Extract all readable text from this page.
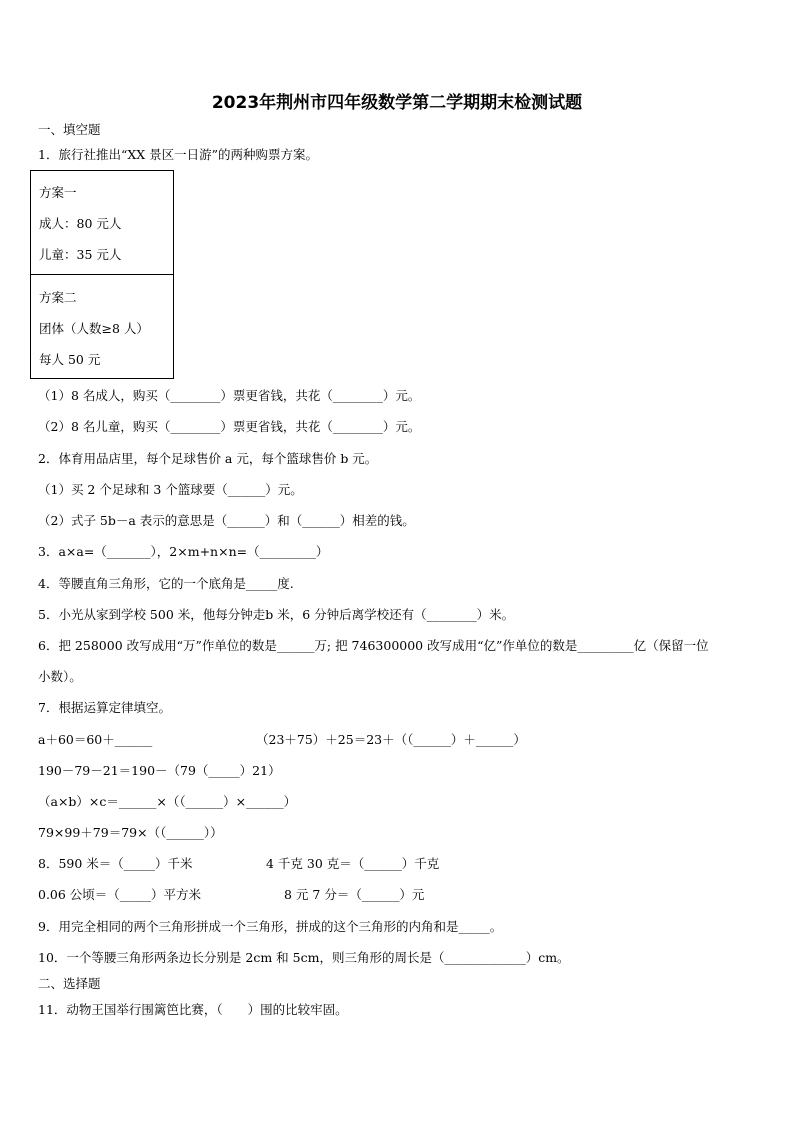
2023年荆州市四年级数学第二学期期末检测试题
一、填空题
1．旅行社推出“XX 景区一日游”的两种购票方案。
方案一
成人：80 元人
儿童：35 元人
方案二
团体（人数≥8 人）
每人 50 元
（1）8 名成人，购买（________）票更省钱，共花（________）元。
（2）8 名儿童，购买（________）票更省钱，共花（________）元。
2．体育用品店里，每个足球售价 a 元，每个篮球售价 b 元。
（1）买 2 个足球和 3 个篮球要（______）元。
（2）式子 5b－a 表示的意思是（______）和（______）相差的钱。
3．a×a=（_______），2×m+n×n=（_________）
4．等腰直角三角形，它的一个底角是_____度.
5．小光从家到学校 500 米，他每分钟走b 米，6 分钟后离学校还有（________）米。
6．把 258000 改写成用“万”作单位的数是______万; 把 746300000 改写成用“亿”作单位的数是_________亿（保留一位
小数）。
7．根据运算定律填空。
a＋60＝60＋______	（23＋75）＋25＝23＋（（______）＋______）
190－79－21＝190－（79（_____）21）
（a×b）×c＝______×（（______）×______）
79×99＋79＝79×（（______））
8．590 米＝（_____）千米	4 千克 30 克＝（______）千克
0.06 公顷＝（_____）平方米	8 元 7 分＝（______）元
9．用完全相同的两个三角形拼成一个三角形，拼成的这个三角形的内角和是_____。
10．一个等腰三角形两条边长分别是 2cm 和 5cm，则三角形的周长是（_____________）cm。
二、选择题
11．动物王国举行围篱笆比赛，（　　）围的比较牢固。
